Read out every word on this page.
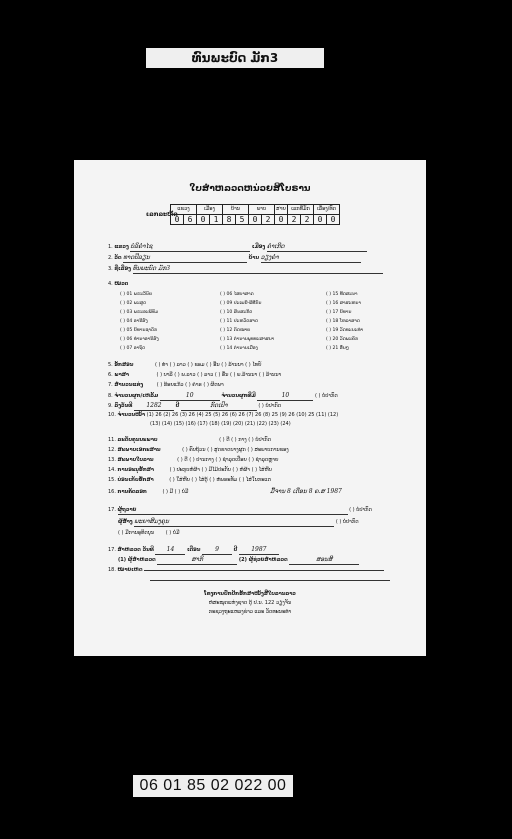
ທົນພະບົດ ມັກ3
ໃບສຳຫລວດຫນ່ວຍສີໂບຣານ
ເລກລະຫັດ
ແຂວງ		ເມືອງ		ບ້ານ		ພາບ		ສາຍ	ເລກທີ່ມັກ		ເລື່ອງ/ທົດ	
0	6	0	1	8	5	0	2	0	2	2	0	0
1. ແຂວງ ບໍລິຄຳໄຊ	ເມືອງ ຄໍາເກີດ
2. ວັດ ທາດປີລຽນ	ບ້ານ ວຽງຄໍາ
3. ຊື່ເລື່ອງ ທົນພະບົດ ມັກ3
4. ໝວດ
( ) 01 ພຣະວິນັຍ	( ) 06 ໄສຍາສາດ	( ) 15 ທີດສະນາ
( ) 02 ພະສູດ	( ) 09 ປະເພນີ-ພີທີກັນ	( ) 16 ສາສະຫນາ
( ) 03 ພຣະອະພິທັມ	( ) 10 ສັນສະກິດ	( ) 17 ນິທານ
( ) 04 ອານີສົງ	( ) 11 ປະຫວັດສາດ	( ) 18 ໂຫລາສາດ
( ) 05 ນິທານຊາດົກ	( ) 12 ກົດໝາຍ	( ) 19 ວັດທະນະທຳ
( ) 06 ທຳນາອານິສົງ	( ) 13 ຕຳນານພຸທທະສາສນາ	( ) 20 ວັດພະຄົກ
( ) 07 ອາຖັດ	( ) 14 ຕຳນານເມືອງ	( ) 21 ອື່ນໆ
5. ອັກສອນ	( ) ທຳ ( ) ລາວ ( ) ຂອມ ( ) ອື່ນ ( ) ລ້ານນາ ( ) ໄທຍ໌
6. ພາສາ	( ) ບາລີ ( ) ພ.ລາວ ( ) ລາວ ( ) ອື່ນ ( ) ພ.ລ້ານນາ ( ) ລ້ານນາ
7. ສຳນວນແຕ່ງ	( ) ຮ້ອຍແກ້ວ ( ) ຄຳຣ ( ) ຜິດພາ
8. ຈຳນວນຜູກ/ເຫລັ້ມ	10	ຈຳນວນຜູກທີ່ມີ	10	( ) ບໍ່ປາກົດ
9. ລົງວັນທີ 1282	ປີ	ກົດເປົາ	( ) ບໍ່ປາກົດ
10. ຈຳນວນໜ້າ (1) 26 (2) 26 (3) 26 (4) 25 (5) 26 (6) 26 (7) 26 (8) 25 (9) 26 (10) 25 (11) (12)
(13) (14) (15) (16) (17) (18) (19) (20) (21) (22) (23) (24)
11. ລະດັບຄຸນນະພາບ	( ) ດີ ( ) ກາງ ( ) ບໍ່ປາກົດ
12. ສະພາບເອກະສານ	( ) ຄົບຖ້ວນ ( ) ສູດຂາດບາງຜູກ ( ) ສະພາບການຂອງ
13. ສະພາບໃບລານ	( ) ດີ ( ) ປານກາງ ( ) ຊຳລຸດເປື່ອຍ ( ) ຊຳລຸດຫຼາຍ
14. ການອະນຸຮັກສາ	( ) ປະກຸບຫໍ່ຜ້າ ( ) ມີໄມ້ປະກັບ ( ) ຫໍ່ຜ້າ ( ) ໄສ່ຫີບ
15. ບ່ອນເກັບຮັກສາ	( ) ໃສ່ຫີບ ( ) ໄສ່ຕູ້ ( ) ຫໍພຣະທັມ ( ) ໄສ່ໃນກະແຕ
16. ການຄັດລອກ	( ) ມີ ( ) ບໍ່ມີ	ມື້ຈານ 8 ເດືອນ 8 ຄ.ສ 1987
17. ຜູ້ຖວາຍ	( ) ບໍ່ປາກົດ
ຜູ້ສ້າງ ພະຍາສີມງຄຸນ	( ) ບໍ່ປາກົດ
( ) ມີການອຸທິດບຸນ ( ) ບໍ່ມີ
17. ສຳຫລວດ ວັນທີ 14	ເດືອນ 9	ປີ 1987
(1) ຜູ້ສຳຫລວດ	ສາກິ	(2) ຜູ້ຊ່ວຍສຳຫລວດ	ສອນສີ
18. ໝາຍເຫດ
ໂຄງການປົກປັກຮັກສາໜັງສືໃບລານລາວ
ຫໍສະໝຸດແຫ່ງຊາດ ຕູ້ ປ.ນ. 122 ວຽງຈັນ
ກະຊວງຖະແຫລງຂ່າວ ແລະ ວັດທະນະທຳ
06 01 85 02 022 00
